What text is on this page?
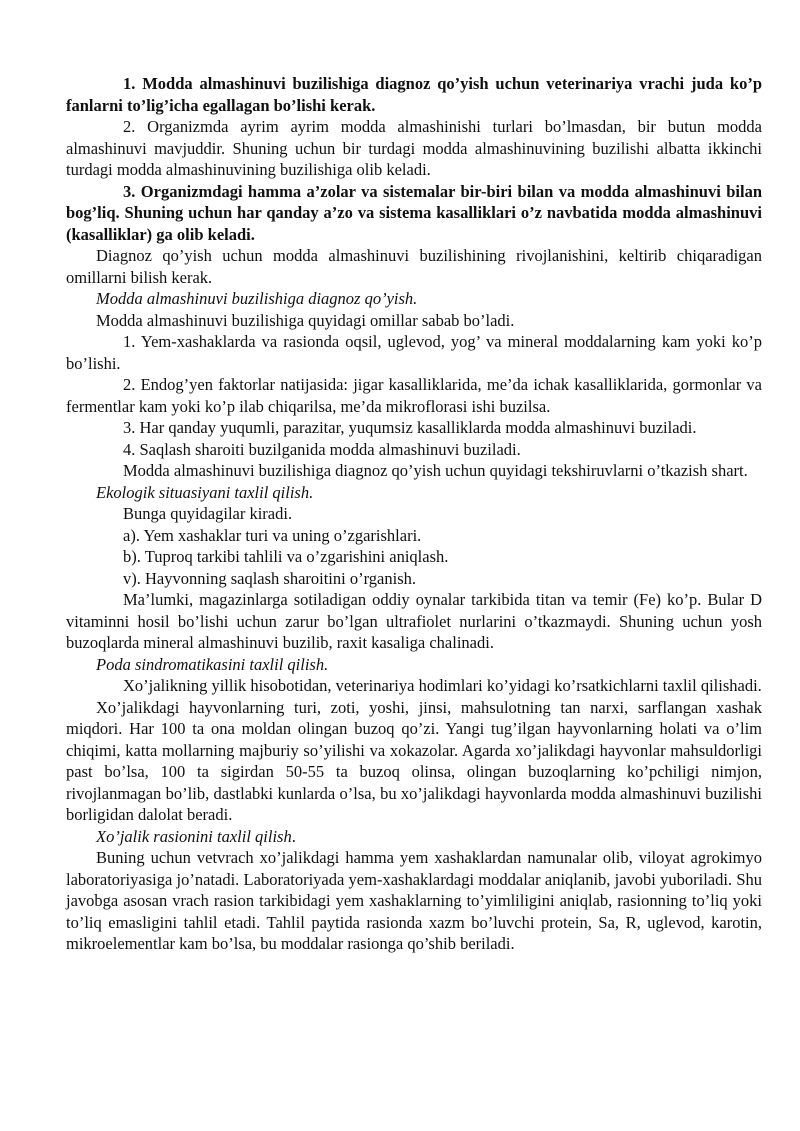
1. Modda almashinuvi buzilishiga diagnoz qo’yish uchun veterinariya vrachi juda ko’p fanlarni to’lig’icha egallagan bo’lishi kerak.

2. Organizmda ayrim ayrim modda almashinishi turlari bo’lmasdan, bir butun modda almashinuvi mavjuddir. Shuning uchun bir turdagi modda almashinuvining buzilishi albatta ikkinchi turdagi modda almashinuvining buzilishiga olib keladi.

3. Organizmdagi hamma a’zolar va sistemalar bir-biri bilan va modda almashinuvi bilan bog’liq. Shuning uchun har qanday a’zo va sistema kasalliklari o’z navbatida modda almashinuvi (kasalliklar) ga olib keladi.

Diagnoz qo’yish uchun modda almashinuvi buzilishining rivojlanishini, keltirib chiqaradigan omillarni bilish kerak.

Modda almashinuvi buzilishiga diagnoz qo’yish.

Modda almashinuvi buzilishiga quyidagi omillar sabab bo’ladi.

1. Yem-xashaklarda va rasionda oqsil, uglevod, yog’ va mineral moddalarning kam yoki ko’p bo’lishi.

2. Endog’yen faktorlar natijasida: jigar kasalliklarida, me’da ichak kasalliklarida, gormonlar va fermentlar kam yoki ko’p ilab chiqarilsa, me’da mikroflorasi ishi buzilsa.

3. Har qanday yuqumli, parazitar, yuqumsiz kasalliklarda modda almashinuvi buziladi.

4. Saqlash sharoiti buzilganida modda almashinuvi buziladi.

Modda almashinuvi buzilishiga diagnoz qo’yish uchun quyidagi tekshiruvlarni o’tkazish shart.

Ekologik situasiyani taxlil qilish.

Bunga quyidagilar kiradi.

a). Yem xashaklar turi va uning o’zgarishlari.

b). Tuproq tarkibi tahlili va o’zgarishini aniqlash.

v). Hayvonning saqlash sharoitini o’rganish.

Ma’lumki, magazinlarga sotiladigan oddiy oynalar tarkibida titan va temir (Fe) ko’p. Bular D vitaminni hosil bo’lishi uchun zarur bo’lgan ultrafiolet nurlarini o’tkazmaydi. Shuning uchun yosh buzoqlarda mineral almashinuvi buzilib, raxit kasaliga chalinadi.

Poda sindromatikasini taxlil qilish.

Xo’jalikning yillik hisobotidan, veterinariya hodimlari ko’yidagi ko’rsatkichlarni taxlil qilishadi.

Xo’jalikdagi hayvonlarning turi, zoti, yoshi, jinsi, mahsulotning tan narxi, sarflangan xashak miqdori. Har 100 ta ona moldan olingan buzoq qo’zi. Yangi tug’ilgan hayvonlarning holati va o’lim chiqimi, katta mollarning majburiy so’yilishi va xokazolar. Agarda xo’jalikdagi hayvonlar mahsuldorligi past bo’lsa, 100 ta sigirdan 50-55 ta buzoq olinsa, olingan buzoqlarning ko’pchiligi nimjon, rivojlanmagan bo’lib, dastlabki kunlarda o’lsa, bu xo’jalikdagi hayvonlarda modda almashinuvi buzilishi borligidan dalolat beradi.

Xo’jalik rasionini taxlil qilish.

Buning uchun vetvrach xo’jalikdagi hamma yem xashaklardan namunalar olib, viloyat agrokimyo laboratoriyasiga jo’natadi. Laboratoriyada yem-xashaklardagi moddalar aniqlanib, javobi yuboriladi. Shu javobga asosan vrach rasion tarkibidagi yem xashaklarning to’yimliligini aniqlab, rasionning to’liq yoki to’liq emasligini tahlil etadi. Tahlil paytida rasionda xazm bo’luvchi protein, Sa, R, uglevod, karotin, mikroelementlar kam bo’lsa, bu moddalar rasionga qo’shib beriladi.
